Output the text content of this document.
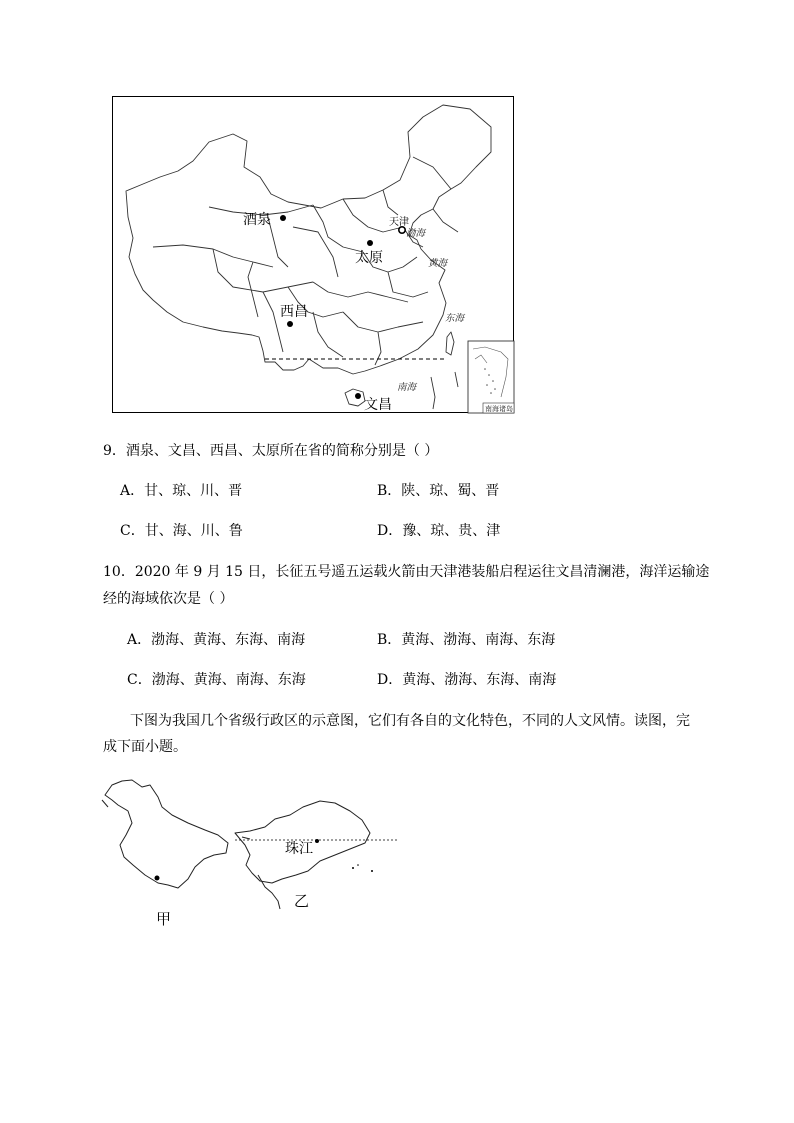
酒泉
太原
天津
西昌
文昌
渤海
黄海
东海
南海
南海诸岛
9．酒泉、文昌、西昌、太原所在省的简称分别是（ ）
A．甘、琼、川、晋	B．陕、琼、蜀、晋
C．甘、海、川、鲁	D．豫、琼、贵、津
10．2020 年 9 月 15 日，长征五号遥五运载火箭由天津港装船启程运往文昌清澜港，海洋运输途
经的海域依次是（ ）
A．渤海、黄海、东海、南海	B．黄海、渤海、南海、东海
C．渤海、黄海、南海、东海	D．黄海、渤海、东海、南海
下图为我国几个省级行政区的示意图，它们有各自的文化特色，不同的人文风情。读图，完
成下面小题。
甲
乙
珠江
